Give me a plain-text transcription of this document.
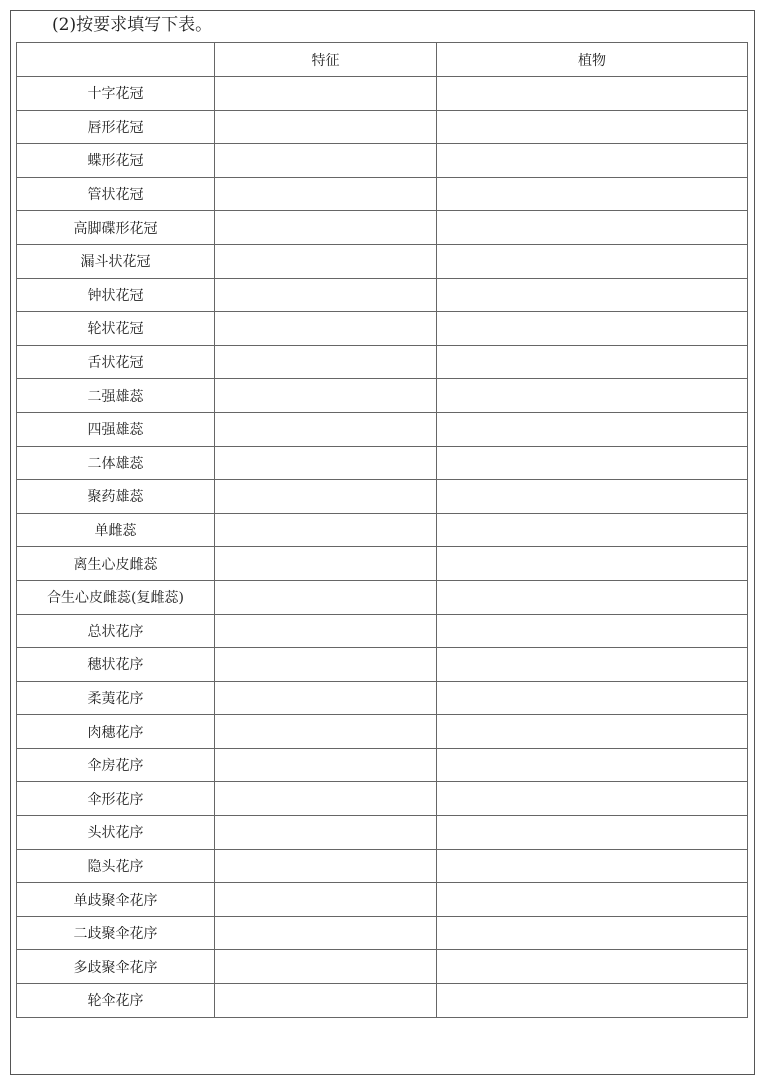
(2)按要求填写下表。
	特征	植物
十字花冠		
唇形花冠		
蝶形花冠		
管状花冠		
高脚碟形花冠		
漏斗状花冠		
钟状花冠		
轮状花冠		
舌状花冠		
二强雄蕊		
四强雄蕊		
二体雄蕊		
聚药雄蕊		
单雌蕊		
离生心皮雌蕊		
合生心皮雌蕊(复雌蕊)		
总状花序		
穗状花序		
柔荑花序		
肉穗花序		
伞房花序		
伞形花序		
头状花序		
隐头花序		
单歧聚伞花序		
二歧聚伞花序		
多歧聚伞花序		
轮伞花序		
